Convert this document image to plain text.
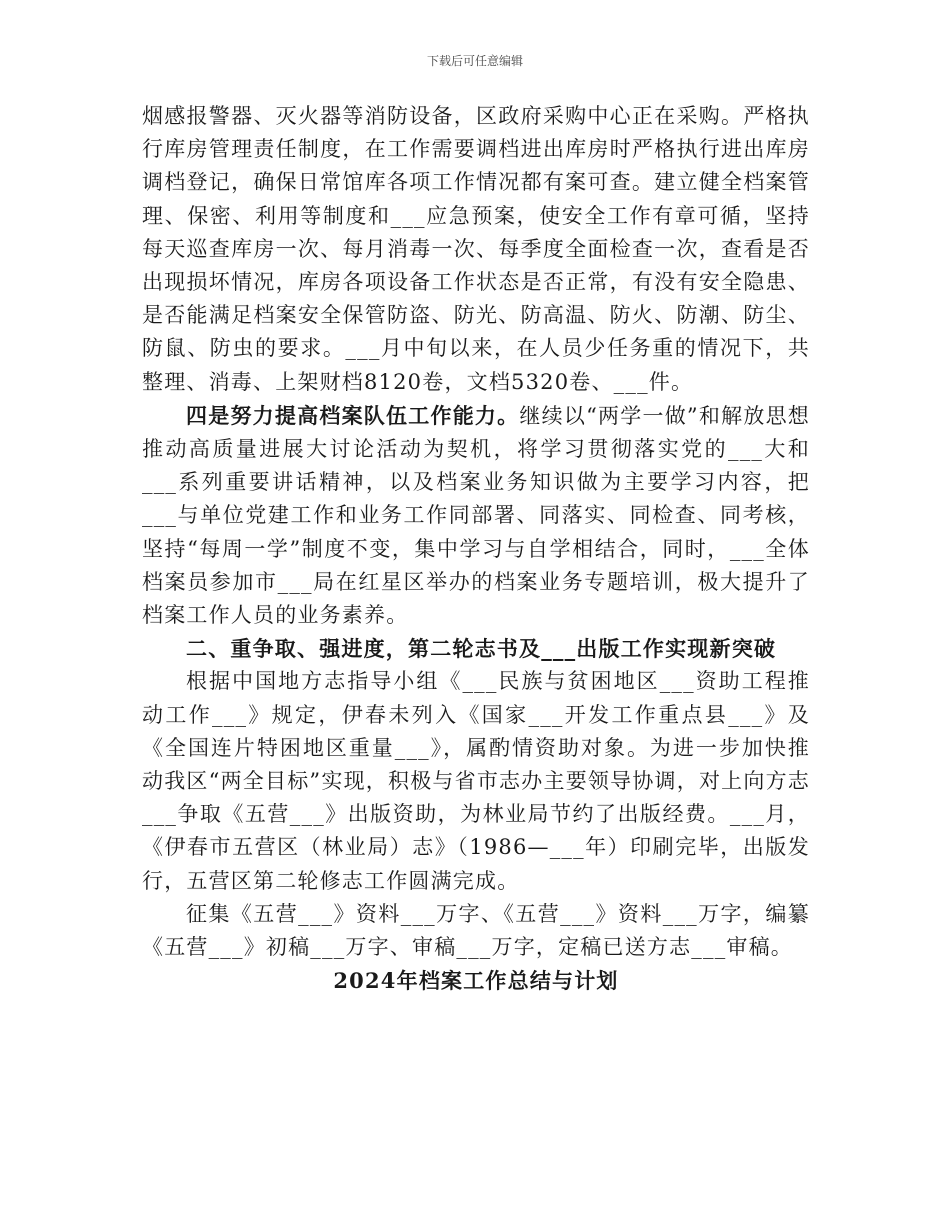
下载后可任意编辑

烟感报警器、灭火器等消防设备，区政府采购中心正在采购。严格执行库房管理责任制度，在工作需要调档进出库房时严格执行进出库房调档登记，确保日常馆库各项工作情况都有案可查。建立健全档案管理、保密、利用等制度和___应急预案，使安全工作有章可循，坚持每天巡查库房一次、每月消毒一次、每季度全面检查一次，查看是否出现损坏情况，库房各项设备工作状态是否正常，有没有安全隐患、是否能满足档案安全保管防盗、防光、防高温、防火、防潮、防尘、防鼠、防虫的要求。___月中旬以来，在人员少任务重的情况下，共整理、消毒、上架财档8120卷，文档5320卷、___件。

四是努力提高档案队伍工作能力。继续以“两学一做”和解放思想推动高质量进展大讨论活动为契机，将学习贯彻落实党的___大和___系列重要讲话精神，以及档案业务知识做为主要学习内容，把___与单位党建工作和业务工作同部署、同落实、同检查、同考核，坚持“每周一学”制度不变，集中学习与自学相结合，同时，___全体档案员参加市___局在红星区举办的档案业务专题培训，极大提升了档案工作人员的业务素养。

二、重争取、强进度，第二轮志书及___出版工作实现新突破

根据中国地方志指导小组《___民族与贫困地区___资助工程推动工作___》规定，伊春未列入《国家___开发工作重点县___》及《全国连片特困地区重量___》，属酌情资助对象。为进一步加快推动我区“两全目标”实现，积极与省市志办主要领导协调，对上向方志___争取《五营___》出版资助，为林业局节约了出版经费。___月，《伊春市五营区（林业局）志》（1986—___年）印刷完毕，出版发行，五营区第二轮修志工作圆满完成。

征集《五营___》资料___万字、《五营___》资料___万字，编纂《五营___》初稿___万字、审稿___万字，定稿已送方志___审稿。

2024年档案工作总结与计划
